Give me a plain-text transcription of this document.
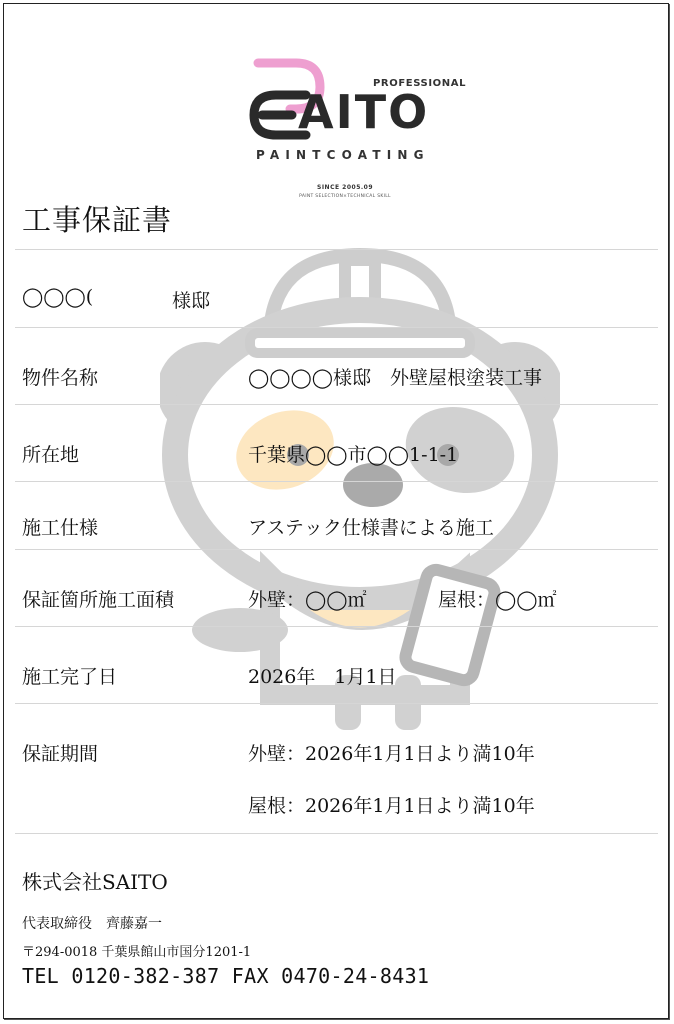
PROFESSIONAL
AITO
PAINTCOATING
SINCE 2005.09
PAINT SELECTION×TECHNICAL SKILL
工事保証書
◯◯◯(	様邸
物件名称	◯◯◯◯様邸　外壁屋根塗装工事
所在地	千葉県◯◯市◯◯1-1-1
施工仕様	アステック仕様書による施工
保証箇所施工面積	外壁：◯◯㎡	屋根：◯◯㎡
施工完了日	2026年　1月1日
保証期間	外壁：2026年1月1日より満10年
屋根：2026年1月1日より満10年
株式会社SAITO
代表取締役　齊藤嘉一
〒294-0018 千葉県館山市国分1201-1
TEL 0120-382-387 FAX 0470-24-8431
